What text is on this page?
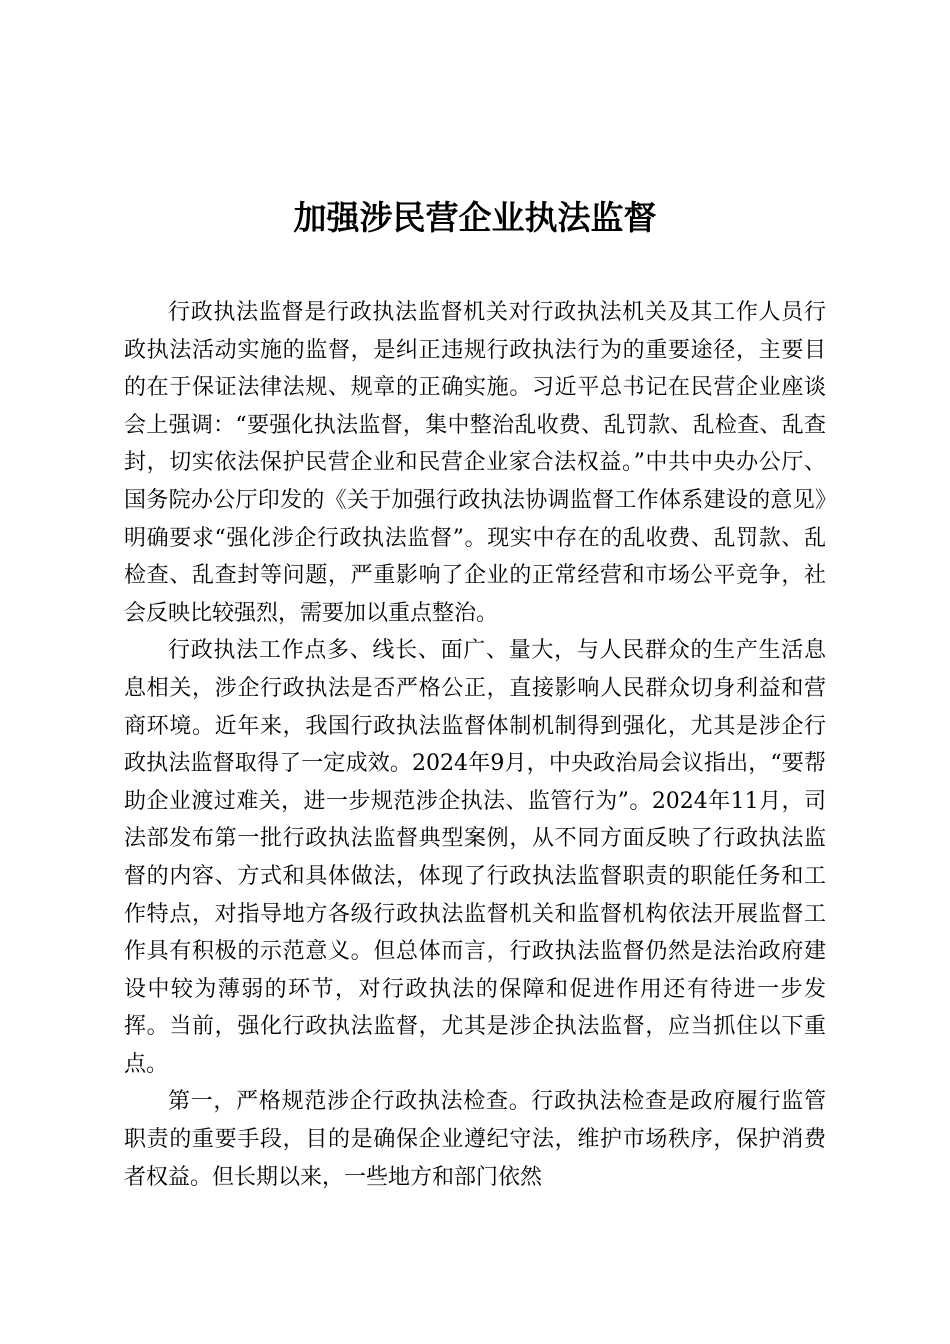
加强涉民营企业执法监督

行政执法监督是行政执法监督机关对行政执法机关及其工作人员行政执法活动实施的监督，是纠正违规行政执法行为的重要途径，主要目的在于保证法律法规、规章的正确实施。习近平总书记在民营企业座谈会上强调：“要强化执法监督，集中整治乱收费、乱罚款、乱检查、乱查封，切实依法保护民营企业和民营企业家合法权益。”中共中央办公厅、国务院办公厅印发的《关于加强行政执法协调监督工作体系建设的意见》明确要求“强化涉企行政执法监督”。现实中存在的乱收费、乱罚款、乱检查、乱查封等问题，严重影响了企业的正常经营和市场公平竞争，社会反映比较强烈，需要加以重点整治。

行政执法工作点多、线长、面广、量大，与人民群众的生产生活息息相关，涉企行政执法是否严格公正，直接影响人民群众切身利益和营商环境。近年来，我国行政执法监督体制机制得到强化，尤其是涉企行政执法监督取得了一定成效。2024年9月，中央政治局会议指出，“要帮助企业渡过难关，进一步规范涉企执法、监管行为”。2024年11月，司法部发布第一批行政执法监督典型案例，从不同方面反映了行政执法监督的内容、方式和具体做法，体现了行政执法监督职责的职能任务和工作特点，对指导地方各级行政执法监督机关和监督机构依法开展监督工作具有积极的示范意义。但总体而言，行政执法监督仍然是法治政府建设中较为薄弱的环节，对行政执法的保障和促进作用还有待进一步发挥。当前，强化行政执法监督，尤其是涉企执法监督，应当抓住以下重点。

第一，严格规范涉企行政执法检查。行政执法检查是政府履行监管职责的重要手段，目的是确保企业遵纪守法，维护市场秩序，保护消费者权益。但长期以来，一些地方和部门依然
